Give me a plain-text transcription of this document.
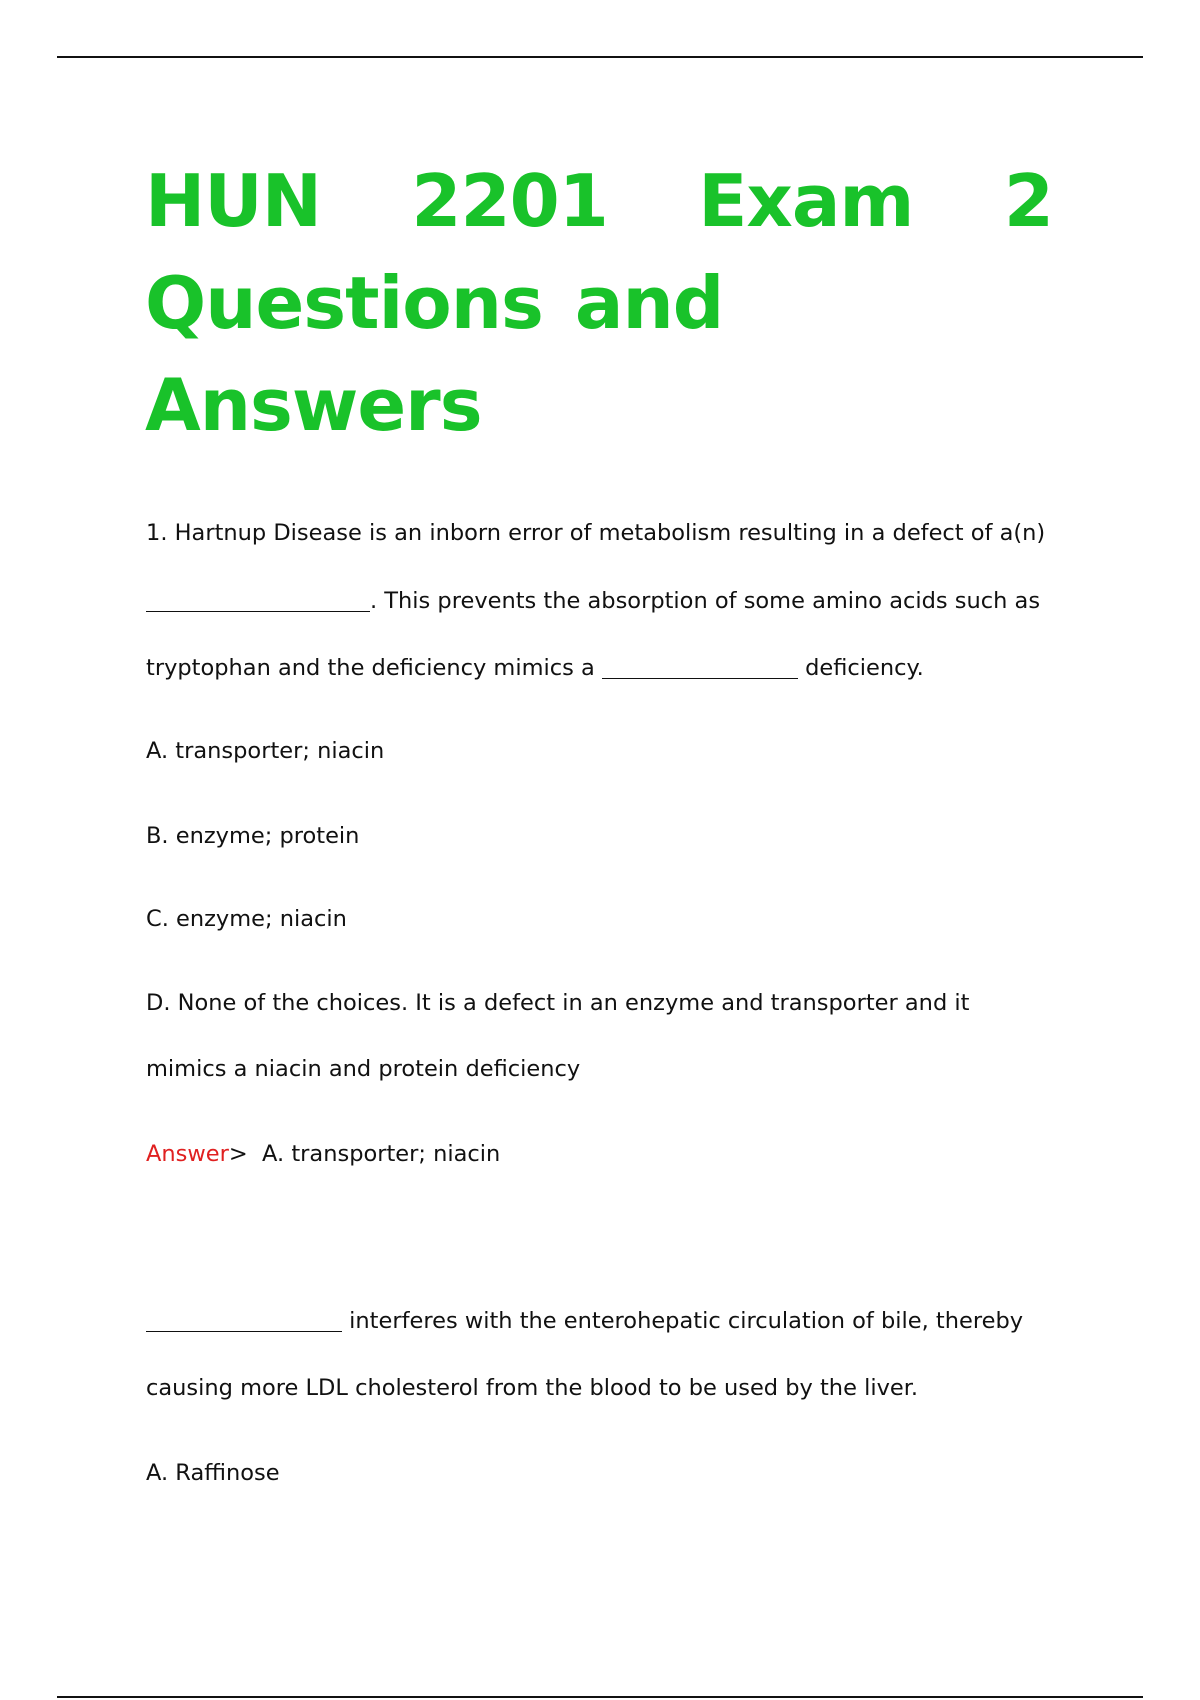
HUN 2201 Exam 2
Questions and Answers
1. Hartnup Disease is an inborn error of metabolism resulting in a defect of a(n)
. This prevents the absorption of some amino acids such as
tryptophan and the deficiency mimics a	deficiency.
A. transporter; niacin
B. enzyme; protein
C. enzyme; niacin
D. None of the choices. It is a defect in an enzyme and transporter and it
mimics a niacin and protein deficiency
Answer> A. transporter; niacin
interferes with the enterohepatic circulation of bile, thereby
causing more LDL cholesterol from the blood to be used by the liver.
A. Raffinose
